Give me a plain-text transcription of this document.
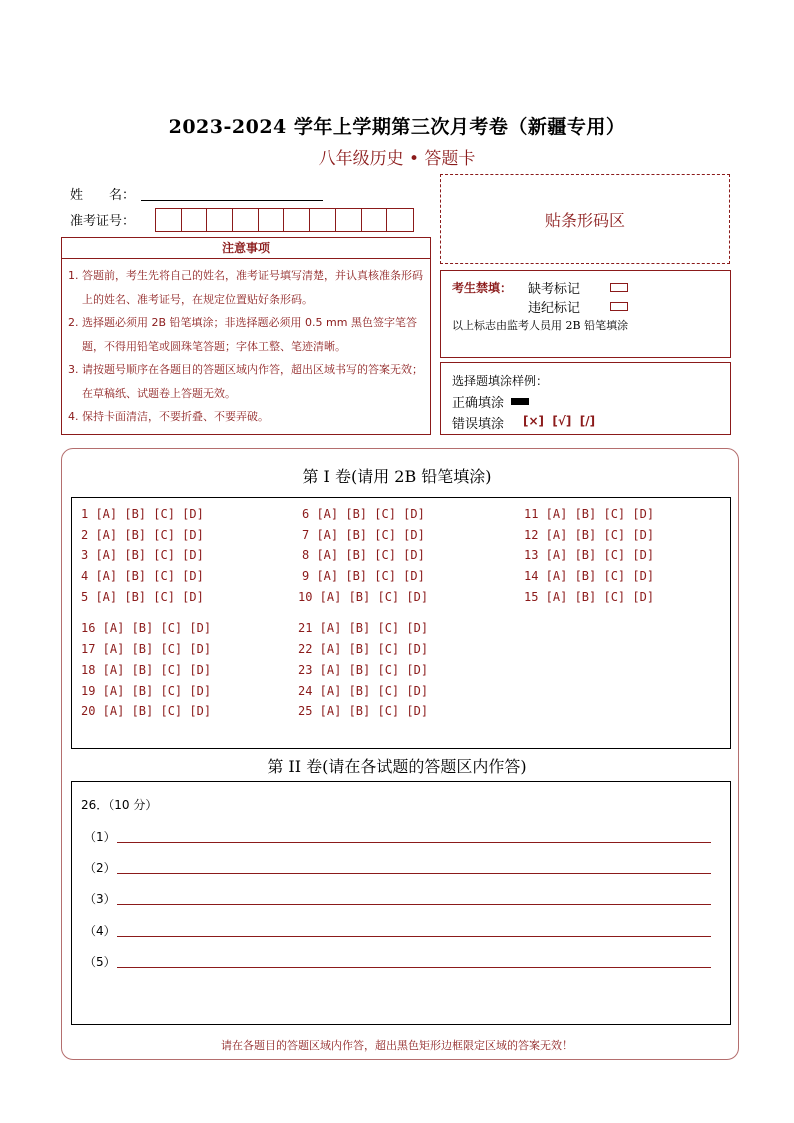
2023-2024 学年上学期第三次月考卷（新疆专用）
八年级历史 • 答题卡
姓　　名：
准考证号：	贴条形码区
注意事项
1. 答题前，考生先将自己的姓名，准考证号填写清楚，并认真核准条形码上的姓名、准考证号，在规定位置贴好条形码。
2. 选择题必须用 2B 铅笔填涂；非选择题必须用 0.5 mm 黑色签字笔答题，不得用铅笔或圆珠笔答题；字体工整、笔迹清晰。
3. 请按题号顺序在各题目的答题区域内作答，超出区域书写的答案无效；在草稿纸、试题卷上答题无效。
4. 保持卡面清洁，不要折叠、不要弄破。
考生禁填： 缺考标记
违纪标记
以上标志由监考人员用 2B 铅笔填涂
选择题填涂样例：
正确填涂
错误填涂 [×]  [√]  [/]
第 I 卷(请用 2B 铅笔填涂)
1 [A] [B] [C] [D]
2 [A] [B] [C] [D]
3 [A] [B] [C] [D]
4 [A] [B] [C] [D]
5 [A] [B] [C] [D]
6 [A] [B] [C] [D]
7 [A] [B] [C] [D]
8 [A] [B] [C] [D]
9 [A] [B] [C] [D]
10 [A] [B] [C] [D]
11 [A] [B] [C] [D]
12 [A] [B] [C] [D]
13 [A] [B] [C] [D]
14 [A] [B] [C] [D]
15 [A] [B] [C] [D]
16 [A] [B] [C] [D]
17 [A] [B] [C] [D]
18 [A] [B] [C] [D]
19 [A] [B] [C] [D]
20 [A] [B] [C] [D]
21 [A] [B] [C] [D]
22 [A] [B] [C] [D]
23 [A] [B] [C] [D]
24 [A] [B] [C] [D]
25 [A] [B] [C] [D]
第 II 卷(请在各试题的答题区内作答)
26．（10 分）
（1）
（2）
（3）
（4）
（5）
请在各题目的答题区域内作答，超出黑色矩形边框限定区域的答案无效！
